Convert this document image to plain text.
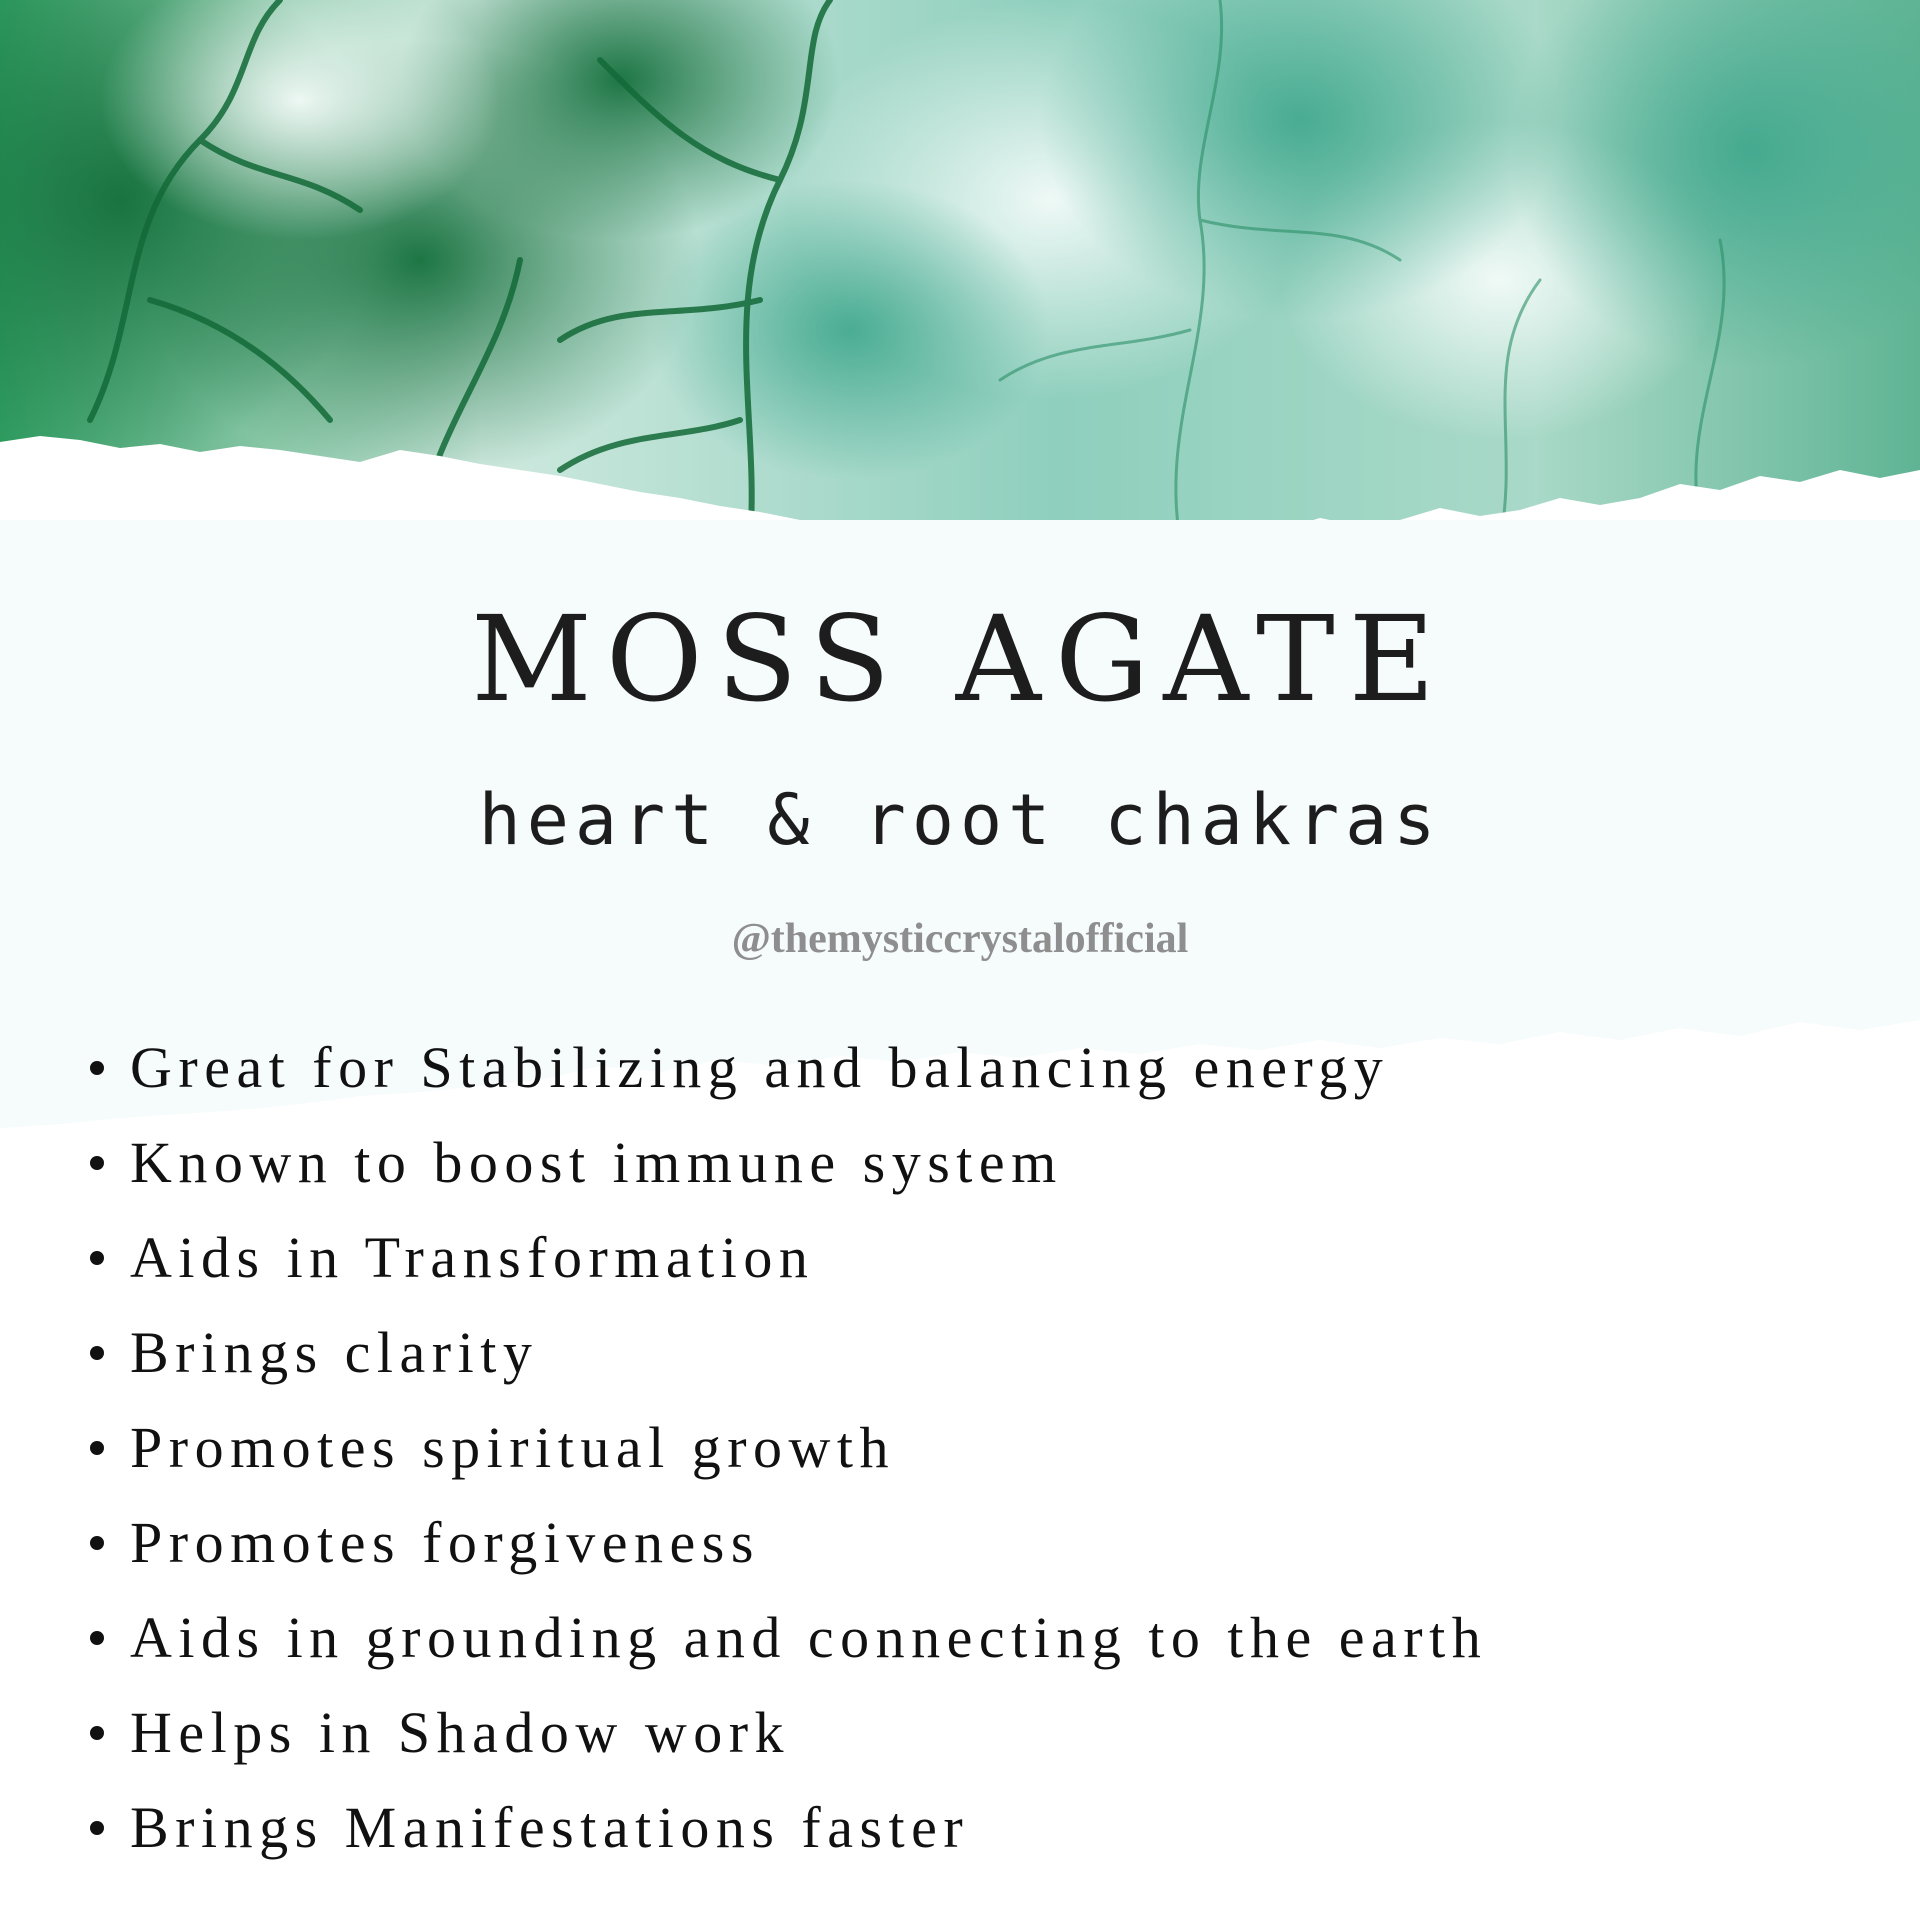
MOSS AGATE
heart & root chakras
@themysticcrystalofficial
Great for Stabilizing and balancing energy
Known to boost immune system
Aids in Transformation
Brings clarity
Promotes spiritual growth
Promotes forgiveness
Aids in grounding and connecting to the earth
Helps in Shadow work
Brings Manifestations faster
